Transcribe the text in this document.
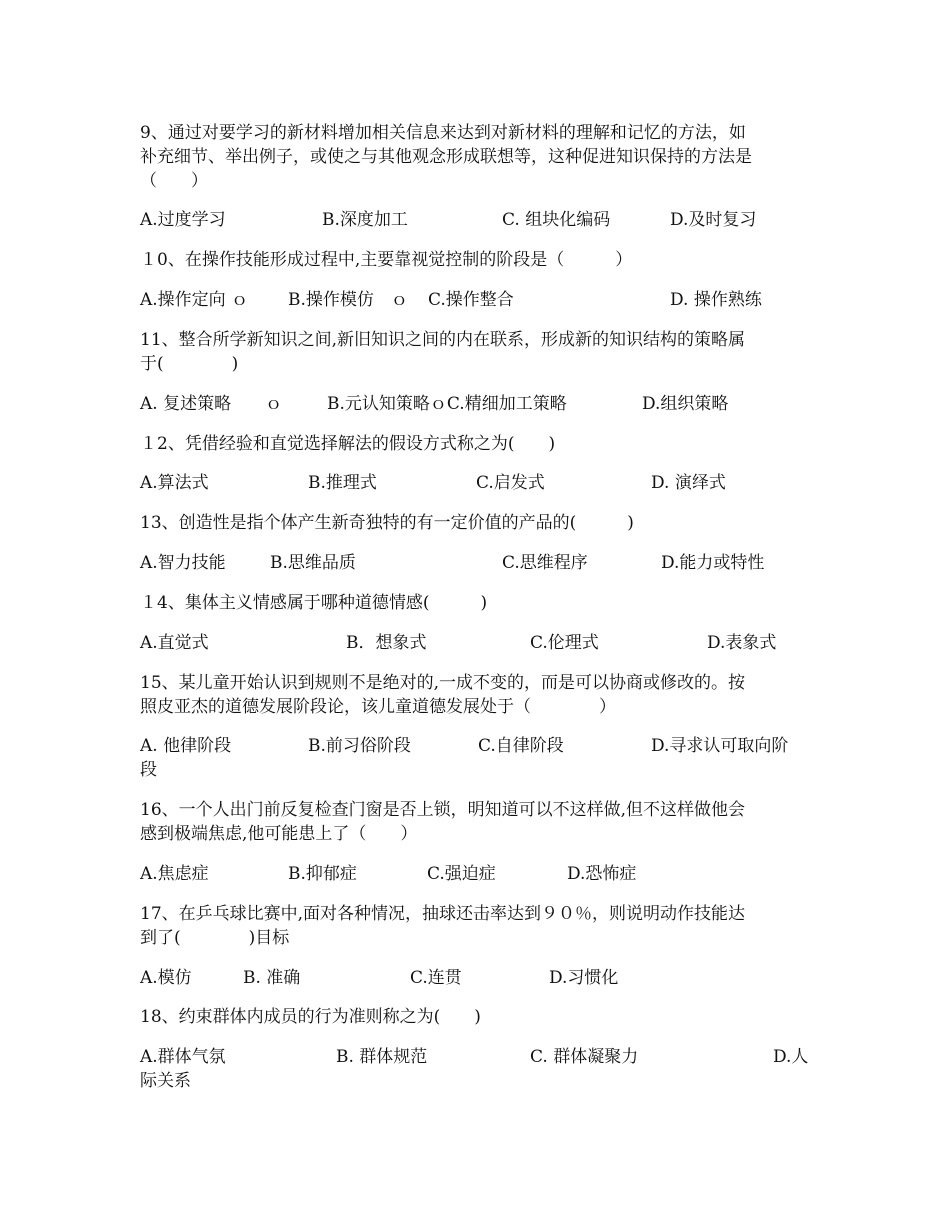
9、通过对要学习的新材料增加相关信息来达到对新材料的理解和记忆的方法，如
补充细节、举出例子，或使之与其他观念形成联想等，这种促进知识保持的方法是
（　　）
A.过度学习	B.深度加工	C. 组块化编码	D.及时复习
１0、在操作技能形成过程中,主要靠视觉控制的阶段是（　　　）
A.操作定向 ｏ B.操作模仿　ｏ C.操作整合	D. 操作熟练
11、整合所学新知识之间,新旧知识之间的内在联系，形成新的知识结构的策略属
于(　　　　)
A. 复述策略　　ｏ	B.元认知策略ｏC.精细加工策略	D.组织策略
１2、凭借经验和直觉选择解法的假设方式称之为(　　)
A.算法式	B.推理式	C.启发式	D. 演绎式
13、创造性是指个体产生新奇独特的有一定价值的产品的(　　　)
A.智力技能	B.思维品质	C.思维程序	D.能力或特性
１4、集体主义情感属于哪种道德情感(　　　)
A.直觉式	B．想象式	C.伦理式	D.表象式
15、某儿童开始认识到规则不是绝对的,一成不变的，而是可以协商或修改的。按
照皮亚杰的道德发展阶段论，该儿童道德发展处于（　　　　）
A. 他律阶段	B.前习俗阶段	C.自律阶段	D.寻求认可取向阶
段
16、一个人出门前反复检查门窗是否上锁，明知道可以不这样做,但不这样做他会
感到极端焦虑,他可能患上了（　　）
A.焦虑症	B.抑郁症	C.强迫症	D.恐怖症
17、在乒乓球比赛中,面对各种情况，抽球还击率达到９０％，则说明动作技能达
到了(　　　　)目标
A.模仿	B. 准确	C.连贯	D.习惯化
18、约束群体内成员的行为准则称之为(　　)
A.群体气氛	B. 群体规范	C. 群体凝聚力	D.人
际关系
